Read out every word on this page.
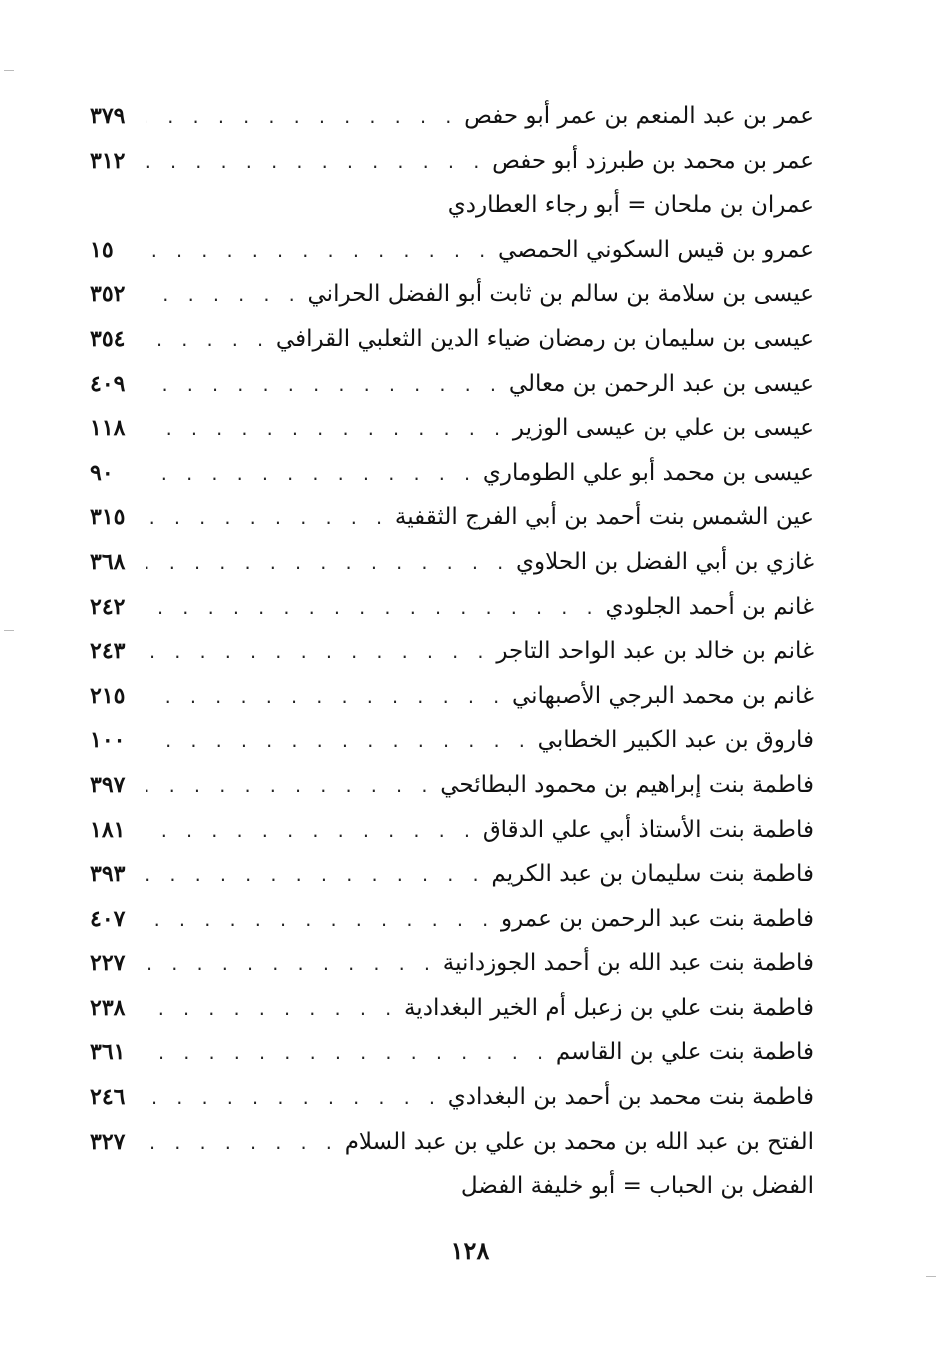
عمر بن عبد المنعم بن عمر أبو حفص
. . .
٣٧٩
عمر بن محمد بن طبرزد أبو حفص
. . .
٣١٢
عمران بن ملحان = أبو رجاء العطاردي
عمرو بن قيس السكوني الحمصي
. . .
١٥
عيسى بن سلامة بن سالم بن ثابت أبو الفضل الحراني
. . .
٣٥٢
عيسى بن سليمان بن رمضان ضياء الدين الثعلبي القرافي
. . .
٣٥٤
عيسى بن عبد الرحمن بن معالي
. . .
٤٠٩
عيسى بن علي بن عيسى الوزير
. . .
١١٨
عيسى بن محمد أبو علي الطوماري
. . .
٩٠
عين الشمس بنت أحمد بن أبي الفرج الثقفية
. . .
٣١٥
غازي بن أبي الفضل بن الحلاوي
. . .
٣٦٨
غانم بن أحمد الجلودي
. . .
٢٤٢
غانم بن خالد بن عبد الواحد التاجر
. . .
٢٤٣
غانم بن محمد البرجي الأصبهاني
. . .
٢١٥
فاروق بن عبد الكبير الخطابي
. . .
١٠٠
فاطمة بنت إبراهيم بن محمود البطائحي
. . .
٣٩٧
فاطمة بنت الأستاذ أبي علي الدقاق
. . .
١٨١
فاطمة بنت سليمان بن عبد الكريم
. . .
٣٩٣
فاطمة بنت عبد الرحمن بن عمرو
. . .
٤٠٧
فاطمة بنت عبد الله بن أحمد الجوزدانية
. . .
٢٢٧
فاطمة بنت علي بن زعبل أم الخير البغدادية
. . .
٢٣٨
فاطمة بنت علي بن القاسم
. . .
٣٦١
فاطمة بنت محمد بن أحمد بن البغدادي
. . .
٢٤٦
الفتح بن عبد الله بن محمد بن علي بن عبد السلام
. . .
٣٢٧
الفضل بن الحباب = أبو خليفة الفضل
١٢٨
